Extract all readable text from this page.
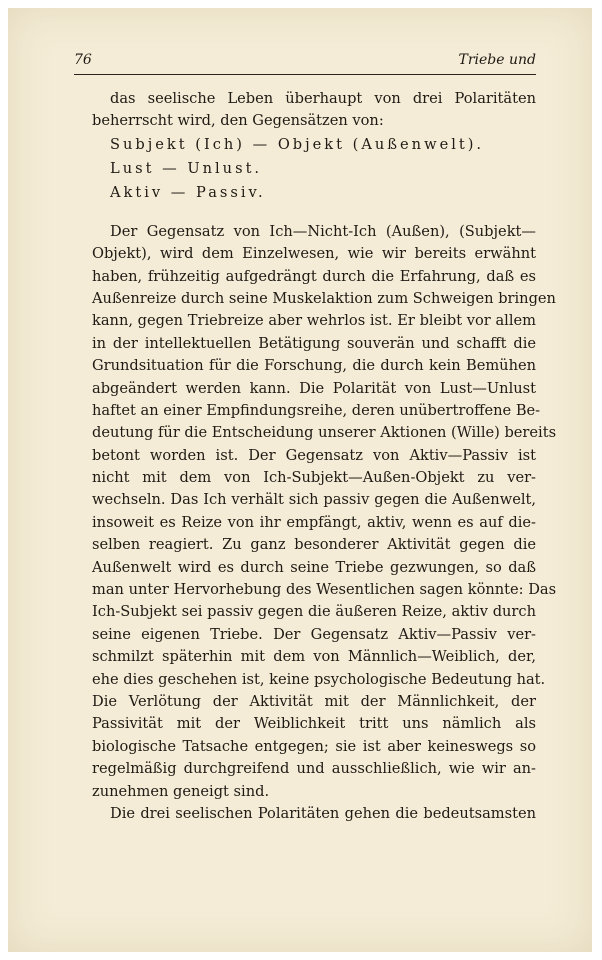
76	Triebe und
das seelische Leben überhaupt von drei Polaritäten
beherrscht wird, den Gegensätzen von:
Subjekt (Ich) — Objekt (Außenwelt).
Lust — Unlust.
Aktiv — Passiv.
Der Gegensatz von Ich—Nicht-Ich (Außen), (Subjekt—
Objekt), wird dem Einzelwesen, wie wir bereits erwähnt
haben, frühzeitig aufgedrängt durch die Erfahrung, daß es
Außenreize durch seine Muskelaktion zum Schweigen bringen
kann, gegen Triebreize aber wehrlos ist. Er bleibt vor allem
in der intellektuellen Betätigung souverän und schafft die
Grundsituation für die Forschung, die durch kein Bemühen
abgeändert werden kann. Die Polarität von Lust—Unlust
haftet an einer Empfindungsreihe, deren unübertroffene Be-
deutung für die Entscheidung unserer Aktionen (Wille) bereits
betont worden ist. Der Gegensatz von Aktiv—Passiv ist
nicht mit dem von Ich-Subjekt—Außen-Objekt zu ver-
wechseln. Das Ich verhält sich passiv gegen die Außenwelt,
insoweit es Reize von ihr empfängt, aktiv, wenn es auf die-
selben reagiert. Zu ganz besonderer Aktivität gegen die
Außenwelt wird es durch seine Triebe gezwungen, so daß
man unter Hervorhebung des Wesentlichen sagen könnte: Das
Ich-Subjekt sei passiv gegen die äußeren Reize, aktiv durch
seine eigenen Triebe. Der Gegensatz Aktiv—Passiv ver-
schmilzt späterhin mit dem von Männlich—Weiblich, der,
ehe dies geschehen ist, keine psychologische Bedeutung hat.
Die Verlötung der Aktivität mit der Männlichkeit, der
Passivität mit der Weiblichkeit tritt uns nämlich als
biologische Tatsache entgegen; sie ist aber keineswegs so
regelmäßig durchgreifend und ausschließlich, wie wir an-
zunehmen geneigt sind.
Die drei seelischen Polaritäten gehen die bedeutsamsten
